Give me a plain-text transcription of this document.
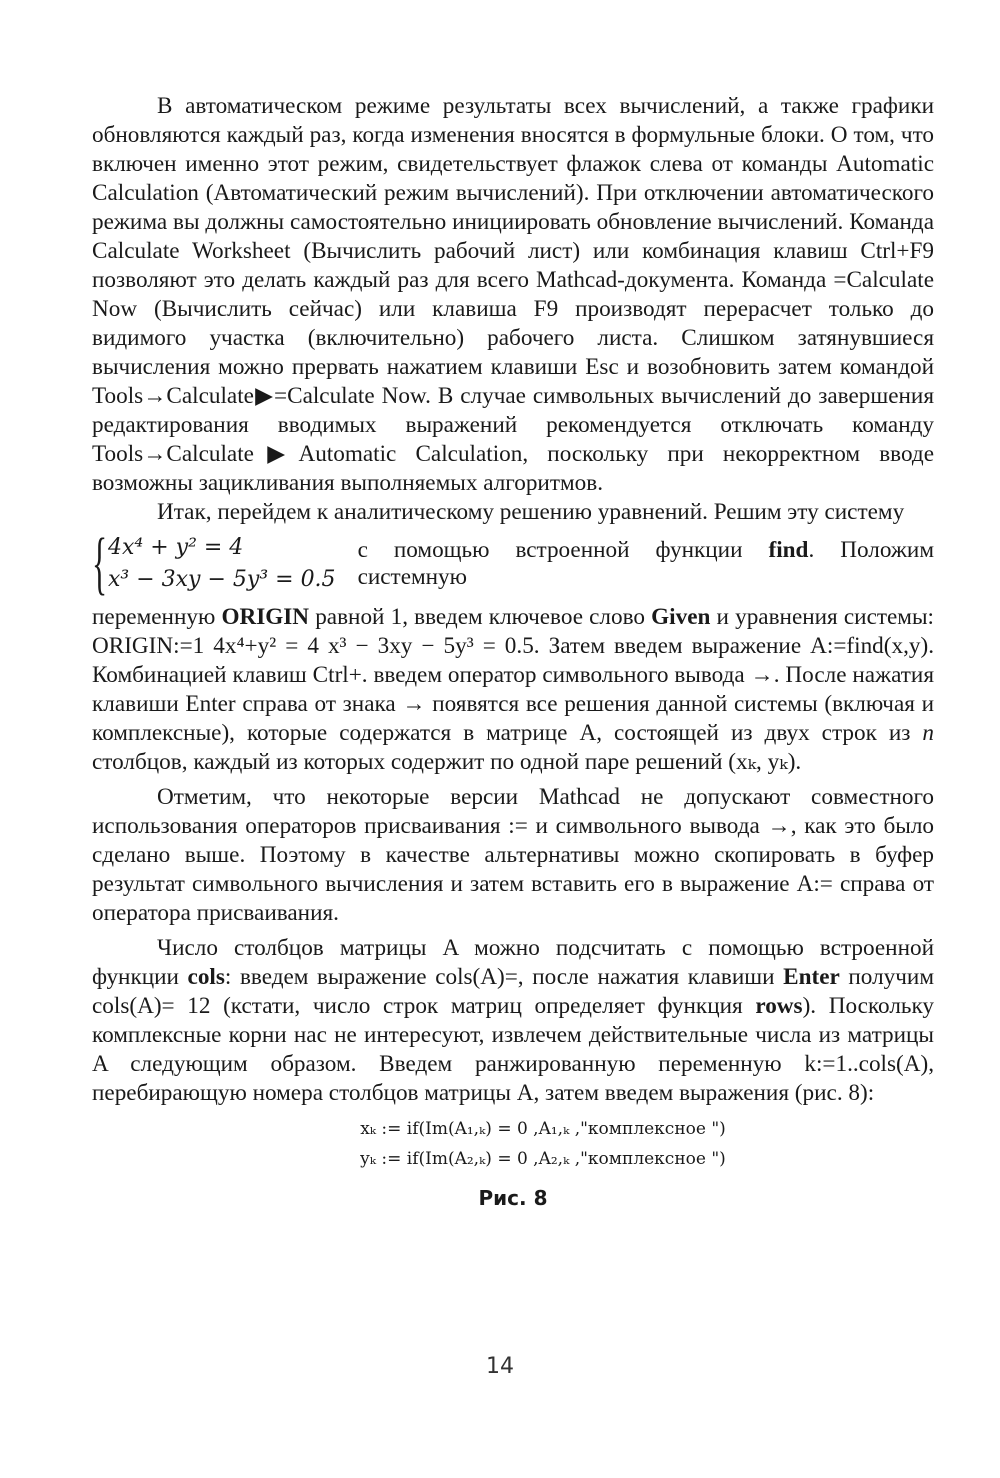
В автоматическом режиме результаты всех вычислений, а также графики обновляются каждый раз, когда изменения вносятся в формульные блоки. О том, что включен именно этот режим, свидетельствует флажок слева от команды Automatic Calculation (Автоматический режим вычислений). При отключении автоматического режима вы должны самостоятельно инициировать обновление вычислений. Команда Calculate Worksheet (Вычислить рабочий лист) или комбинация клавиш Ctrl+F9 позволяют это делать каждый раз для всего Mathcad-документа. Команда =Calculate Now (Вычислить сейчас) или клавиша F9 производят перерасчет только до видимого участка (включительно) рабочего листа. Слишком затянувшиеся вычисления можно прервать нажатием клавиши Esc и возобновить затем командой Tools→Calculate▶=Calculate Now. В случае символьных вычислений до завершения редактирования вводимых выражений рекомендуется отключать команду Tools→Calculate▶Automatic Calculation, поскольку при некорректном вводе возможны зацикливания выполняемых алгоритмов.

Итак, перейдем к аналитическому решению уравнений. Решим эту систему

{ 4x⁴ + y² = 4
x³ − 3xy − 5y³ = 0.5
с помощью встроенной функции find. Положим системную

переменную ORIGIN равной 1, введем ключевое слово Given и уравнения системы: ORIGIN:=1 4x⁴+y² = 4 x³ − 3xy − 5y³ = 0.5. Затем введем выражение A:=find(x,y). Комбинацией клавиш Ctrl+. введем оператор символьного вывода →. После нажатия клавиши Enter справа от знака → появятся все решения данной системы (включая и комплексные), которые содержатся в матрице A, состоящей из двух строк из n столбцов, каждый из которых содержит по одной паре решений (xₖ, yₖ).

Отметим, что некоторые версии Mathcad не допускают совместного использования операторов присваивания := и символьного вывода →, как это было сделано выше. Поэтому в качестве альтернативы можно скопировать в буфер результат символьного вычисления и затем вставить его в выражение A:= справа от оператора присваивания.

Число столбцов матрицы A можно подсчитать с помощью встроенной функции cols: введем выражение cols(A)=, после нажатия клавиши Enter получим cols(A)= 12 (кстати, число строк матриц определяет функция rows). Поскольку комплексные корни нас не интересуют, извлечем действительные числа из матрицы A следующим образом. Введем ранжированную переменную k:=1..cols(A), перебирающую номера столбцов матрицы A, затем введем выражения (рис. 8):

xₖ := if(Im(A₁,ₖ) = 0 ,A₁,ₖ ,"комплексное ")
yₖ := if(Im(A₂,ₖ) = 0 ,A₂,ₖ ,"комплексное ")
Рис. 8
14
